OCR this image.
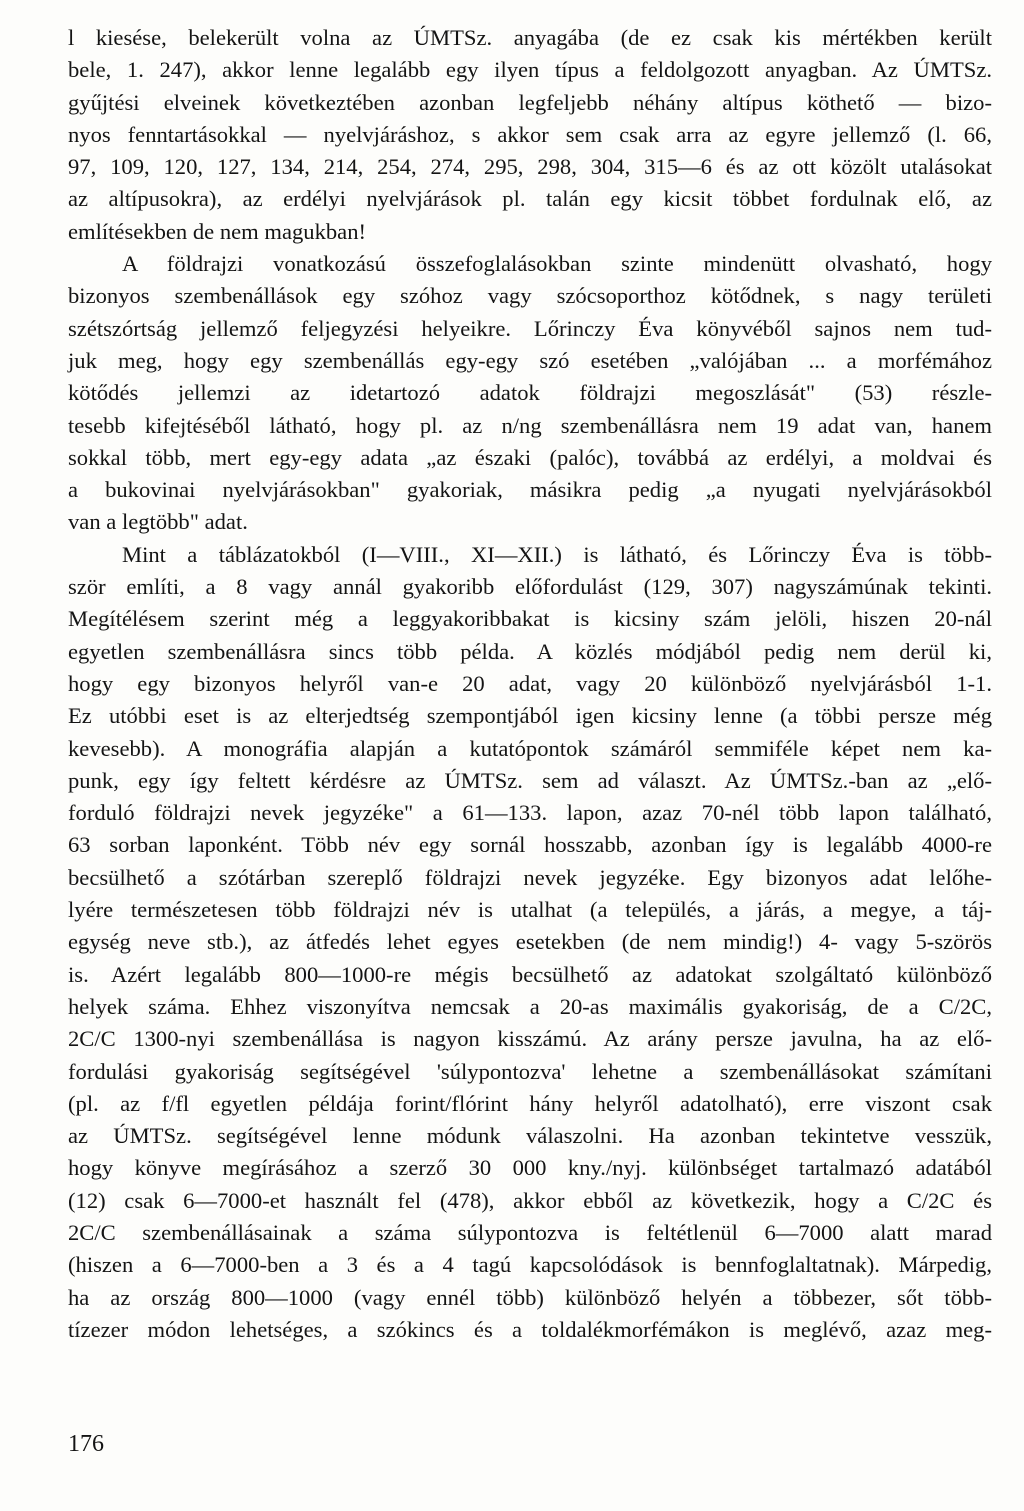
l kiesése, belekerült volna az ÚMTSz. anyagába (de ez csak kis mértékben került
bele, 1. 247), akkor lenne legalább egy ilyen típus a feldolgozott anyagban. Az ÚMTSz.
gyűjtési elveinek következtében azonban legfeljebb néhány altípus köthető — bizo-
nyos fenntartásokkal — nyelvjáráshoz, s akkor sem csak arra az egyre jellemző (l. 66,
97, 109, 120, 127, 134, 214, 254, 274, 295, 298, 304, 315—6 és az ott közölt utalásokat
az altípusokra), az erdélyi nyelvjárások pl. talán egy kicsit többet fordulnak elő, az
említésekben de nem magukban!

A földrajzi vonatkozású összefoglalásokban szinte mindenütt olvasható, hogy
bizonyos szembenállások egy szóhoz vagy szócsoporthoz kötődnek, s nagy területi
szétszórtság jellemző feljegyzési helyeikre. Lőrinczy Éva könyvéből sajnos nem tud-
juk meg, hogy egy szembenállás egy-egy szó esetében „valójában ... a morfémához
kötődés jellemzi az idetartozó adatok földrajzi megoszlását" (53) részle-
tesebb kifejtéséből látható, hogy pl. az n/ng szembenállásra nem 19 adat van, hanem
sokkal több, mert egy-egy adata „az északi (palóc), továbbá az erdélyi, a moldvai és
a bukovinai nyelvjárásokban" gyakoriak, másikra pedig „a nyugati nyelvjárásokból
van a legtöbb" adat.

Mint a táblázatokból (I—VIII., XI—XII.) is látható, és Lőrinczy Éva is több-
ször említi, a 8 vagy annál gyakoribb előfordulást (129, 307) nagyszámúnak tekinti.
Megítélésem szerint még a leggyakoribbakat is kicsiny szám jelöli, hiszen 20-nál
egyetlen szembenállásra sincs több példa. A közlés módjából pedig nem derül ki,
hogy egy bizonyos helyről van-e 20 adat, vagy 20 különböző nyelvjárásból 1-1.
Ez utóbbi eset is az elterjedtség szempontjából igen kicsiny lenne (a többi persze még
kevesebb). A monográfia alapján a kutatópontok számáról semmiféle képet nem ka-
punk, egy így feltett kérdésre az ÚMTSz. sem ad választ. Az ÚMTSz.-ban az „elő-
forduló földrajzi nevek jegyzéke" a 61—133. lapon, azaz 70-nél több lapon található,
63 sorban laponként. Több név egy sornál hosszabb, azonban így is legalább 4000-re
becsülhető a szótárban szereplő földrajzi nevek jegyzéke. Egy bizonyos adat lelőhe-
lyére természetesen több földrajzi név is utalhat (a település, a járás, a megye, a táj-
egység neve stb.), az átfedés lehet egyes esetekben (de nem mindig!) 4- vagy 5-szörös
is. Azért legalább 800—1000-re mégis becsülhető az adatokat szolgáltató különböző
helyek száma. Ehhez viszonyítva nemcsak a 20-as maximális gyakoriság, de a C/2C,
2C/C 1300-nyi szembenállása is nagyon kisszámú. Az arány persze javulna, ha az elő-
fordulási gyakoriság segítségével 'súlypontozva' lehetne a szembenállásokat számítani
(pl. az f/fl egyetlen példája forint/flórint hány helyről adatolható), erre viszont csak
az ÚMTSz. segítségével lenne módunk válaszolni. Ha azonban tekintetve vesszük,
hogy könyve megírásához a szerző 30 000 kny./nyj. különbséget tartalmazó adatából
(12) csak 6—7000-et használt fel (478), akkor ebből az következik, hogy a C/2C és
2C/C szembenállásainak a száma súlypontozva is feltétlenül 6—7000 alatt marad
(hiszen a 6—7000-ben a 3 és a 4 tagú kapcsolódások is bennfoglaltatnak). Márpedig,
ha az ország 800—1000 (vagy ennél több) különböző helyén a többezer, sőt több-
tízezer módon lehetséges, a szókincs és a toldalékmorfémákon is meglévő, azaz meg-

176
